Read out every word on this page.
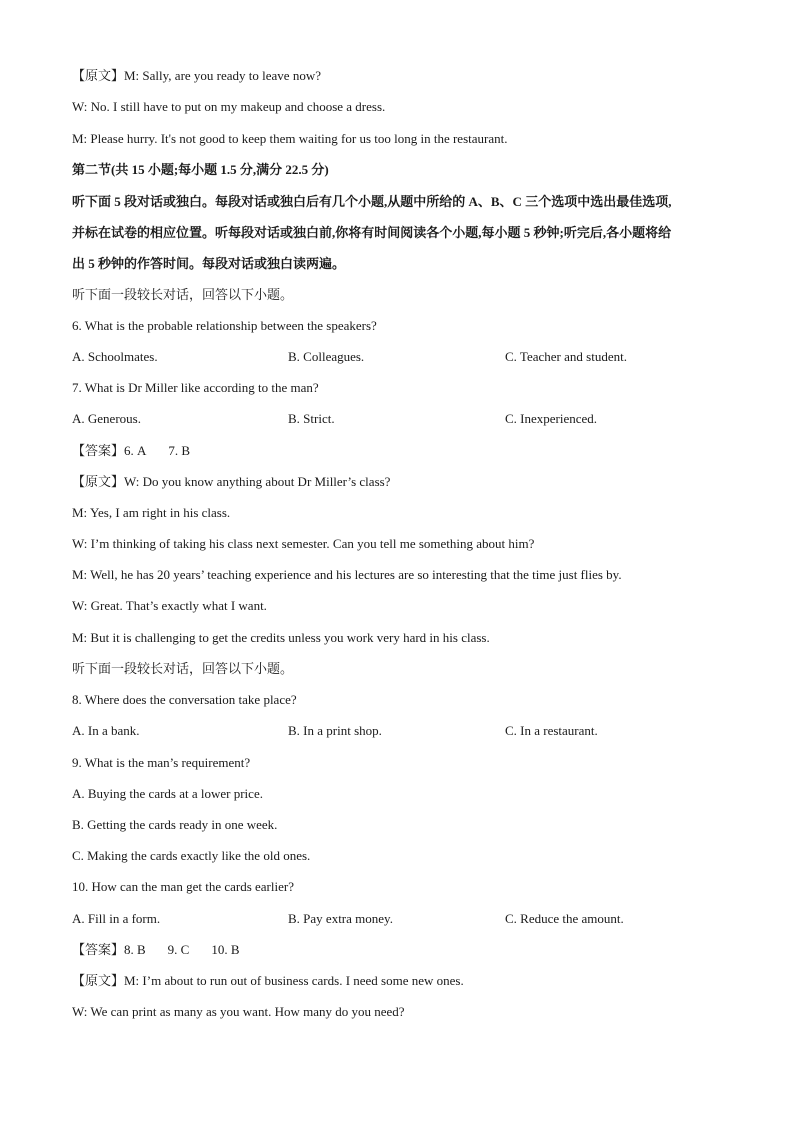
【原文】M: Sally, are you ready to leave now?
W: No. I still have to put on my makeup and choose a dress.
M: Please hurry. It's not good to keep them waiting for us too long in the restaurant.
第二节(共 15 小题;每小题 1.5 分,满分 22.5 分)
听下面 5 段对话或独白。每段对话或独白后有几个小题,从题中所给的 A、B、C 三个选项中选出最佳选项,
并标在试卷的相应位置。听每段对话或独白前,你将有时间阅读各个小题,每小题 5 秒钟;听完后,各小题将给
出 5 秒钟的作答时间。每段对话或独白读两遍。
听下面一段较长对话，回答以下小题。
6. What is the probable relationship between the speakers?
A. Schoolmates.	B. Colleagues.	C. Teacher and student.
7. What is Dr Miller like according to the man?
A. Generous.	B. Strict.	C. Inexperienced.
【答案】6. A 7. B
【原文】W: Do you know anything about Dr Miller’s class?
M: Yes, I am right in his class.
W: I’m thinking of taking his class next semester. Can you tell me something about him?
M: Well, he has 20 years’ teaching experience and his lectures are so interesting that the time just flies by.
W: Great. That’s exactly what I want.
M: But it is challenging to get the credits unless you work very hard in his class.
听下面一段较长对话，回答以下小题。
8. Where does the conversation take place?
A. In a bank.	B. In a print shop.	C. In a restaurant.
9. What is the man’s requirement?
A. Buying the cards at a lower price.
B. Getting the cards ready in one week.
C. Making the cards exactly like the old ones.
10. How can the man get the cards earlier?
A. Fill in a form.	B. Pay extra money.	C. Reduce the amount.
【答案】8. B 9. C 10. B
【原文】M: I’m about to run out of business cards. I need some new ones.
W: We can print as many as you want. How many do you need?
